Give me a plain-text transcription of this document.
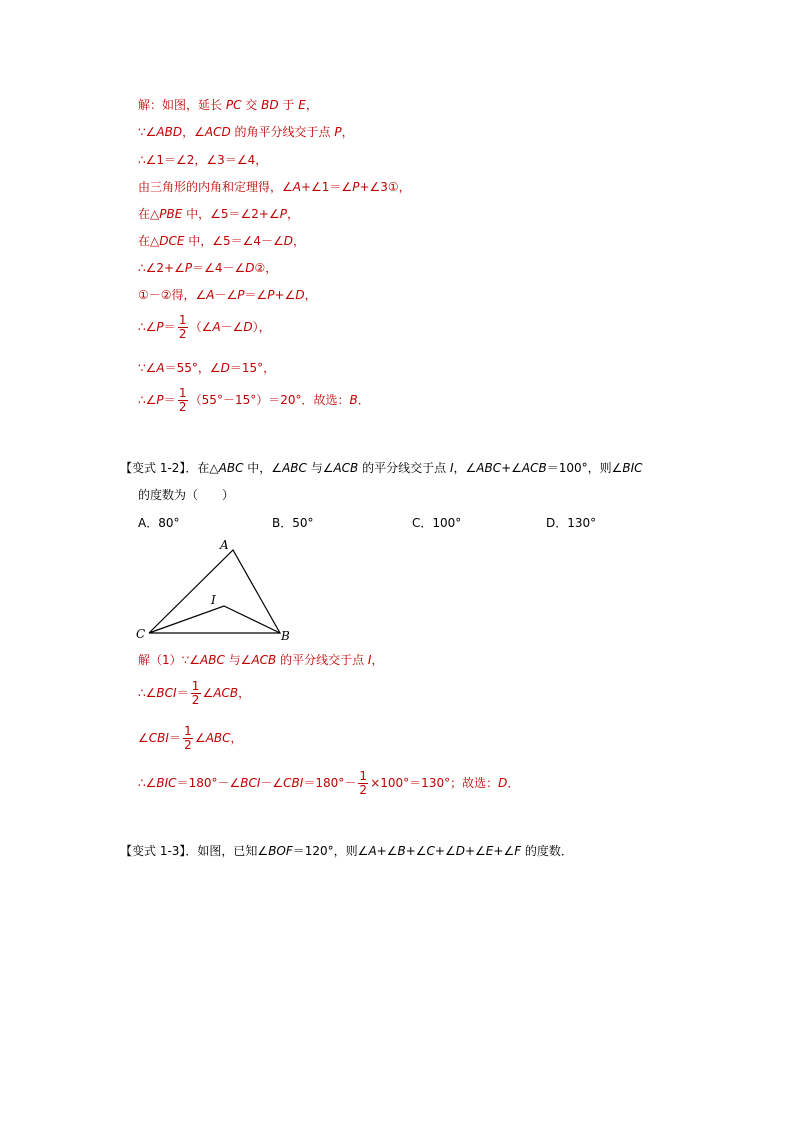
解：如图，延长 PC 交 BD 于 E，
∵∠ABD，∠ACD 的角平分线交于点 P，
∴∠1＝∠2，∠3＝∠4，
由三角形的内角和定理得，∠A+∠1＝∠P+∠3①，
在△PBE 中，∠5＝∠2+∠P，
在△DCE 中，∠5＝∠4－∠D，
∴∠2+∠P＝∠4－∠D②，
①－②得，∠A－∠P＝∠P+∠D，
∴∠P＝ $\frac{1}{2}$ （∠A－∠D），
∵∠A＝55°，∠D＝15°，
∴∠P＝ $\frac{1}{2} (55^\circ-15^\circ)=20^\circ$．故选：B．
【变式 1-2】．在△ABC 中，∠ABC 与∠ACB 的平分线交于点 I，∠ABC+∠ACB＝100°，则∠BIC
的度数为（　　）
A．80°	B．50°	C．100°	D．130°
A
I
C	B
解（1）∵∠ABC 与∠ACB 的平分线交于点 I，
∴∠BCI＝ $\frac{1}{2}$ ∠ACB，
∠CBI＝ $\frac{1}{2}$ ∠ABC，
∴∠BIC＝180°－∠BCI－∠CBI＝180°－ $\frac{1}{2} \times 100^\circ=130^\circ$；故选：D．
【变式 1-3】．如图，已知∠BOF＝120°，则∠A+∠B+∠C+∠D+∠E+∠F 的度数．
